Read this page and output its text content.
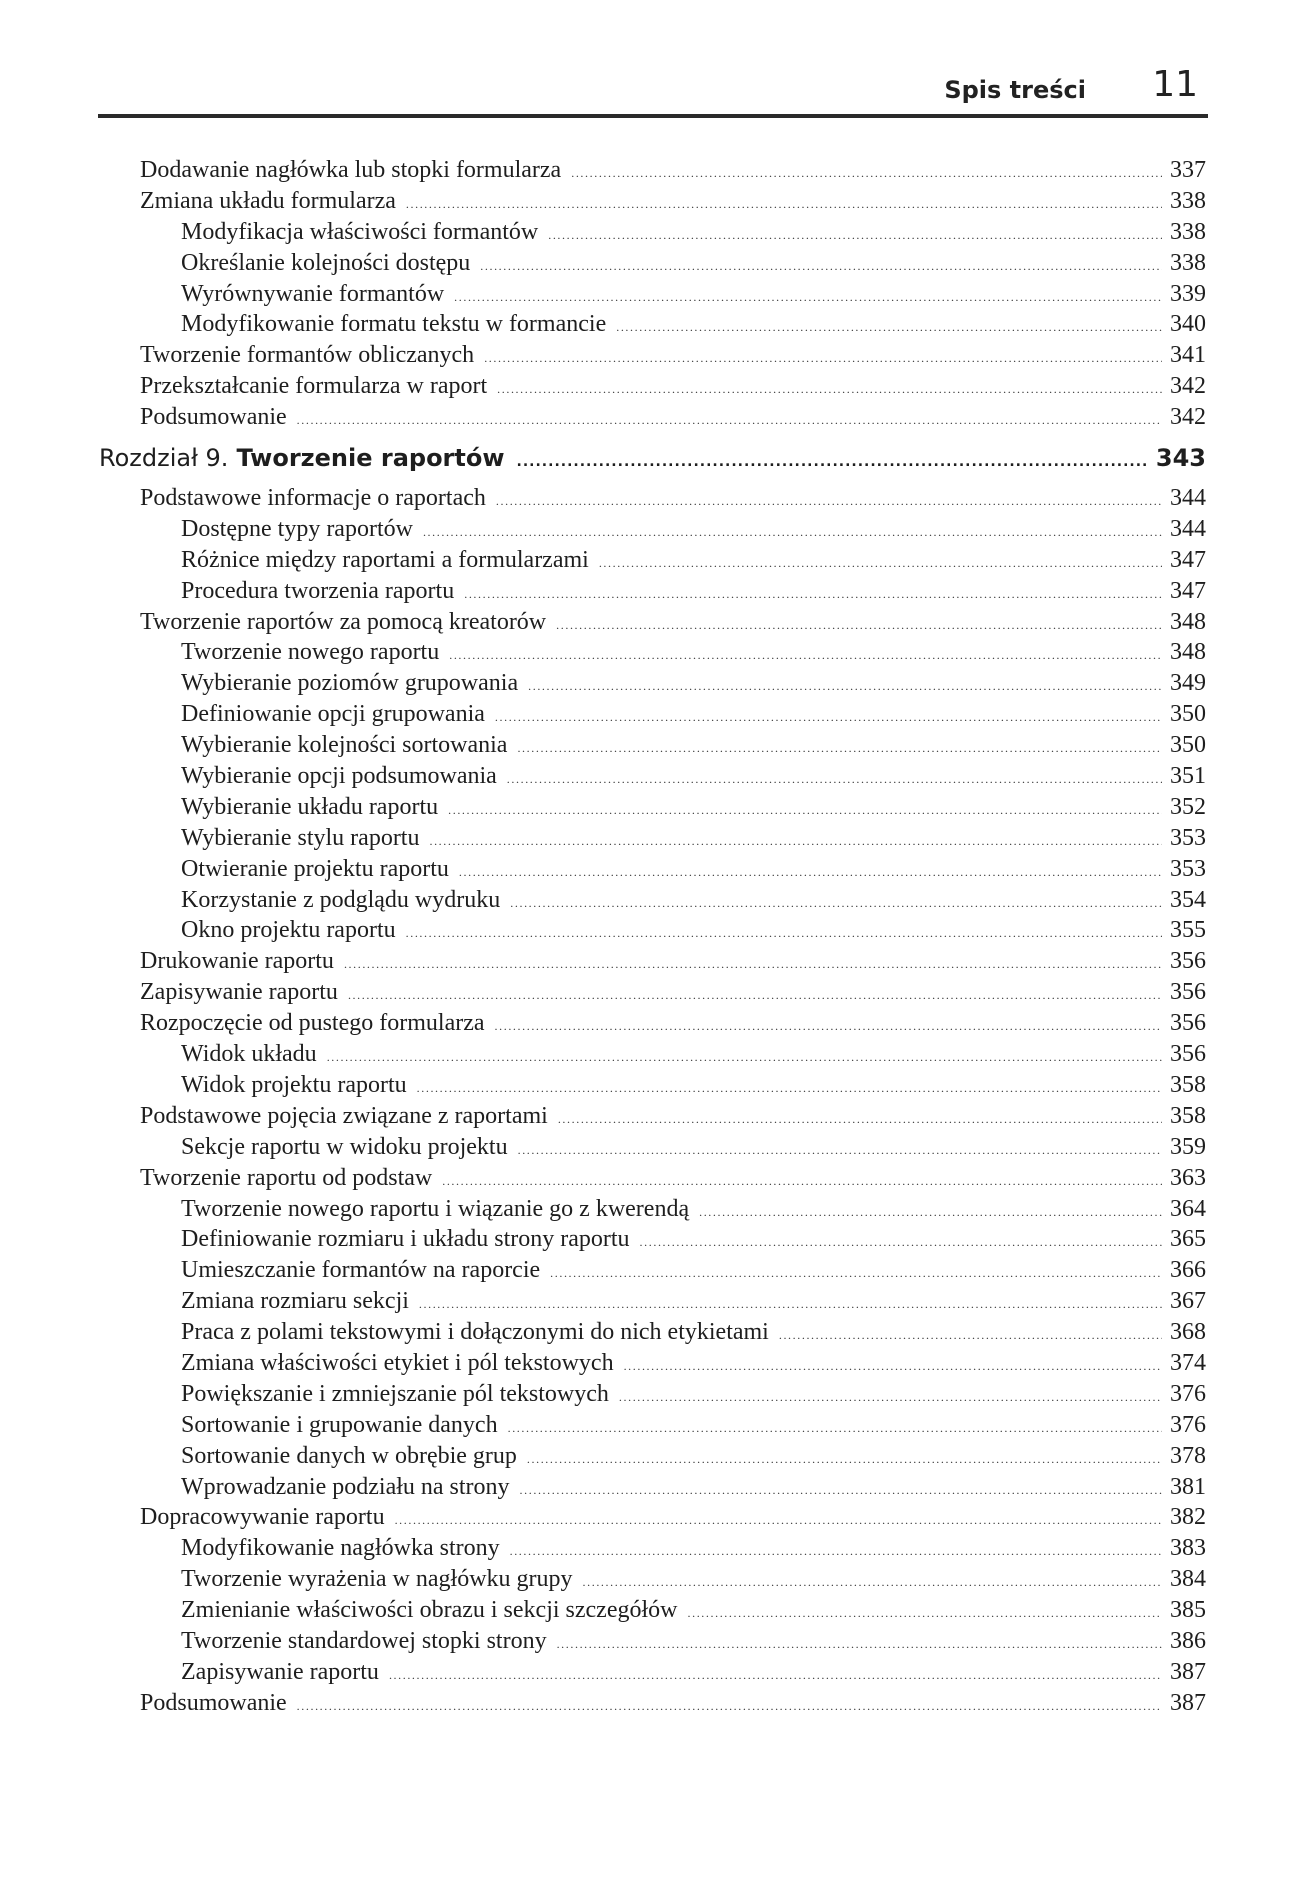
Spis treści 11
Dodawanie nagłówka lub stopki formularza .....	337
Zmiana układu formularza .....	338
Modyfikacja właściwości formantów .....	338
Określanie kolejności dostępu .....	338
Wyrównywanie formantów .....	339
Modyfikowanie formatu tekstu w formancie .....	340
Tworzenie formantów obliczanych .....	341
Przekształcanie formularza w raport .....	342
Podsumowanie .....	342
Rozdział 9. Tworzenie raportów .....	343
Podstawowe informacje o raportach .....	344
Dostępne typy raportów .....	344
Różnice między raportami a formularzami .....	347
Procedura tworzenia raportu .....	347
Tworzenie raportów za pomocą kreatorów .....	348
Tworzenie nowego raportu .....	348
Wybieranie poziomów grupowania .....	349
Definiowanie opcji grupowania .....	350
Wybieranie kolejności sortowania .....	350
Wybieranie opcji podsumowania .....	351
Wybieranie układu raportu .....	352
Wybieranie stylu raportu .....	353
Otwieranie projektu raportu .....	353
Korzystanie z podglądu wydruku .....	354
Okno projektu raportu .....	355
Drukowanie raportu .....	356
Zapisywanie raportu .....	356
Rozpoczęcie od pustego formularza .....	356
Widok układu .....	356
Widok projektu raportu .....	358
Podstawowe pojęcia związane z raportami .....	358
Sekcje raportu w widoku projektu .....	359
Tworzenie raportu od podstaw .....	363
Tworzenie nowego raportu i wiązanie go z kwerendą .....	364
Definiowanie rozmiaru i układu strony raportu .....	365
Umieszczanie formantów na raporcie .....	366
Zmiana rozmiaru sekcji .....	367
Praca z polami tekstowymi i dołączonymi do nich etykietami .....	368
Zmiana właściwości etykiet i pól tekstowych .....	374
Powiększanie i zmniejszanie pól tekstowych .....	376
Sortowanie i grupowanie danych .....	376
Sortowanie danych w obrębie grup .....	378
Wprowadzanie podziału na strony .....	381
Dopracowywanie raportu .....	382
Modyfikowanie nagłówka strony .....	383
Tworzenie wyrażenia w nagłówku grupy .....	384
Zmienianie właściwości obrazu i sekcji szczegółów .....	385
Tworzenie standardowej stopki strony .....	386
Zapisywanie raportu .....	387
Podsumowanie .....	387
